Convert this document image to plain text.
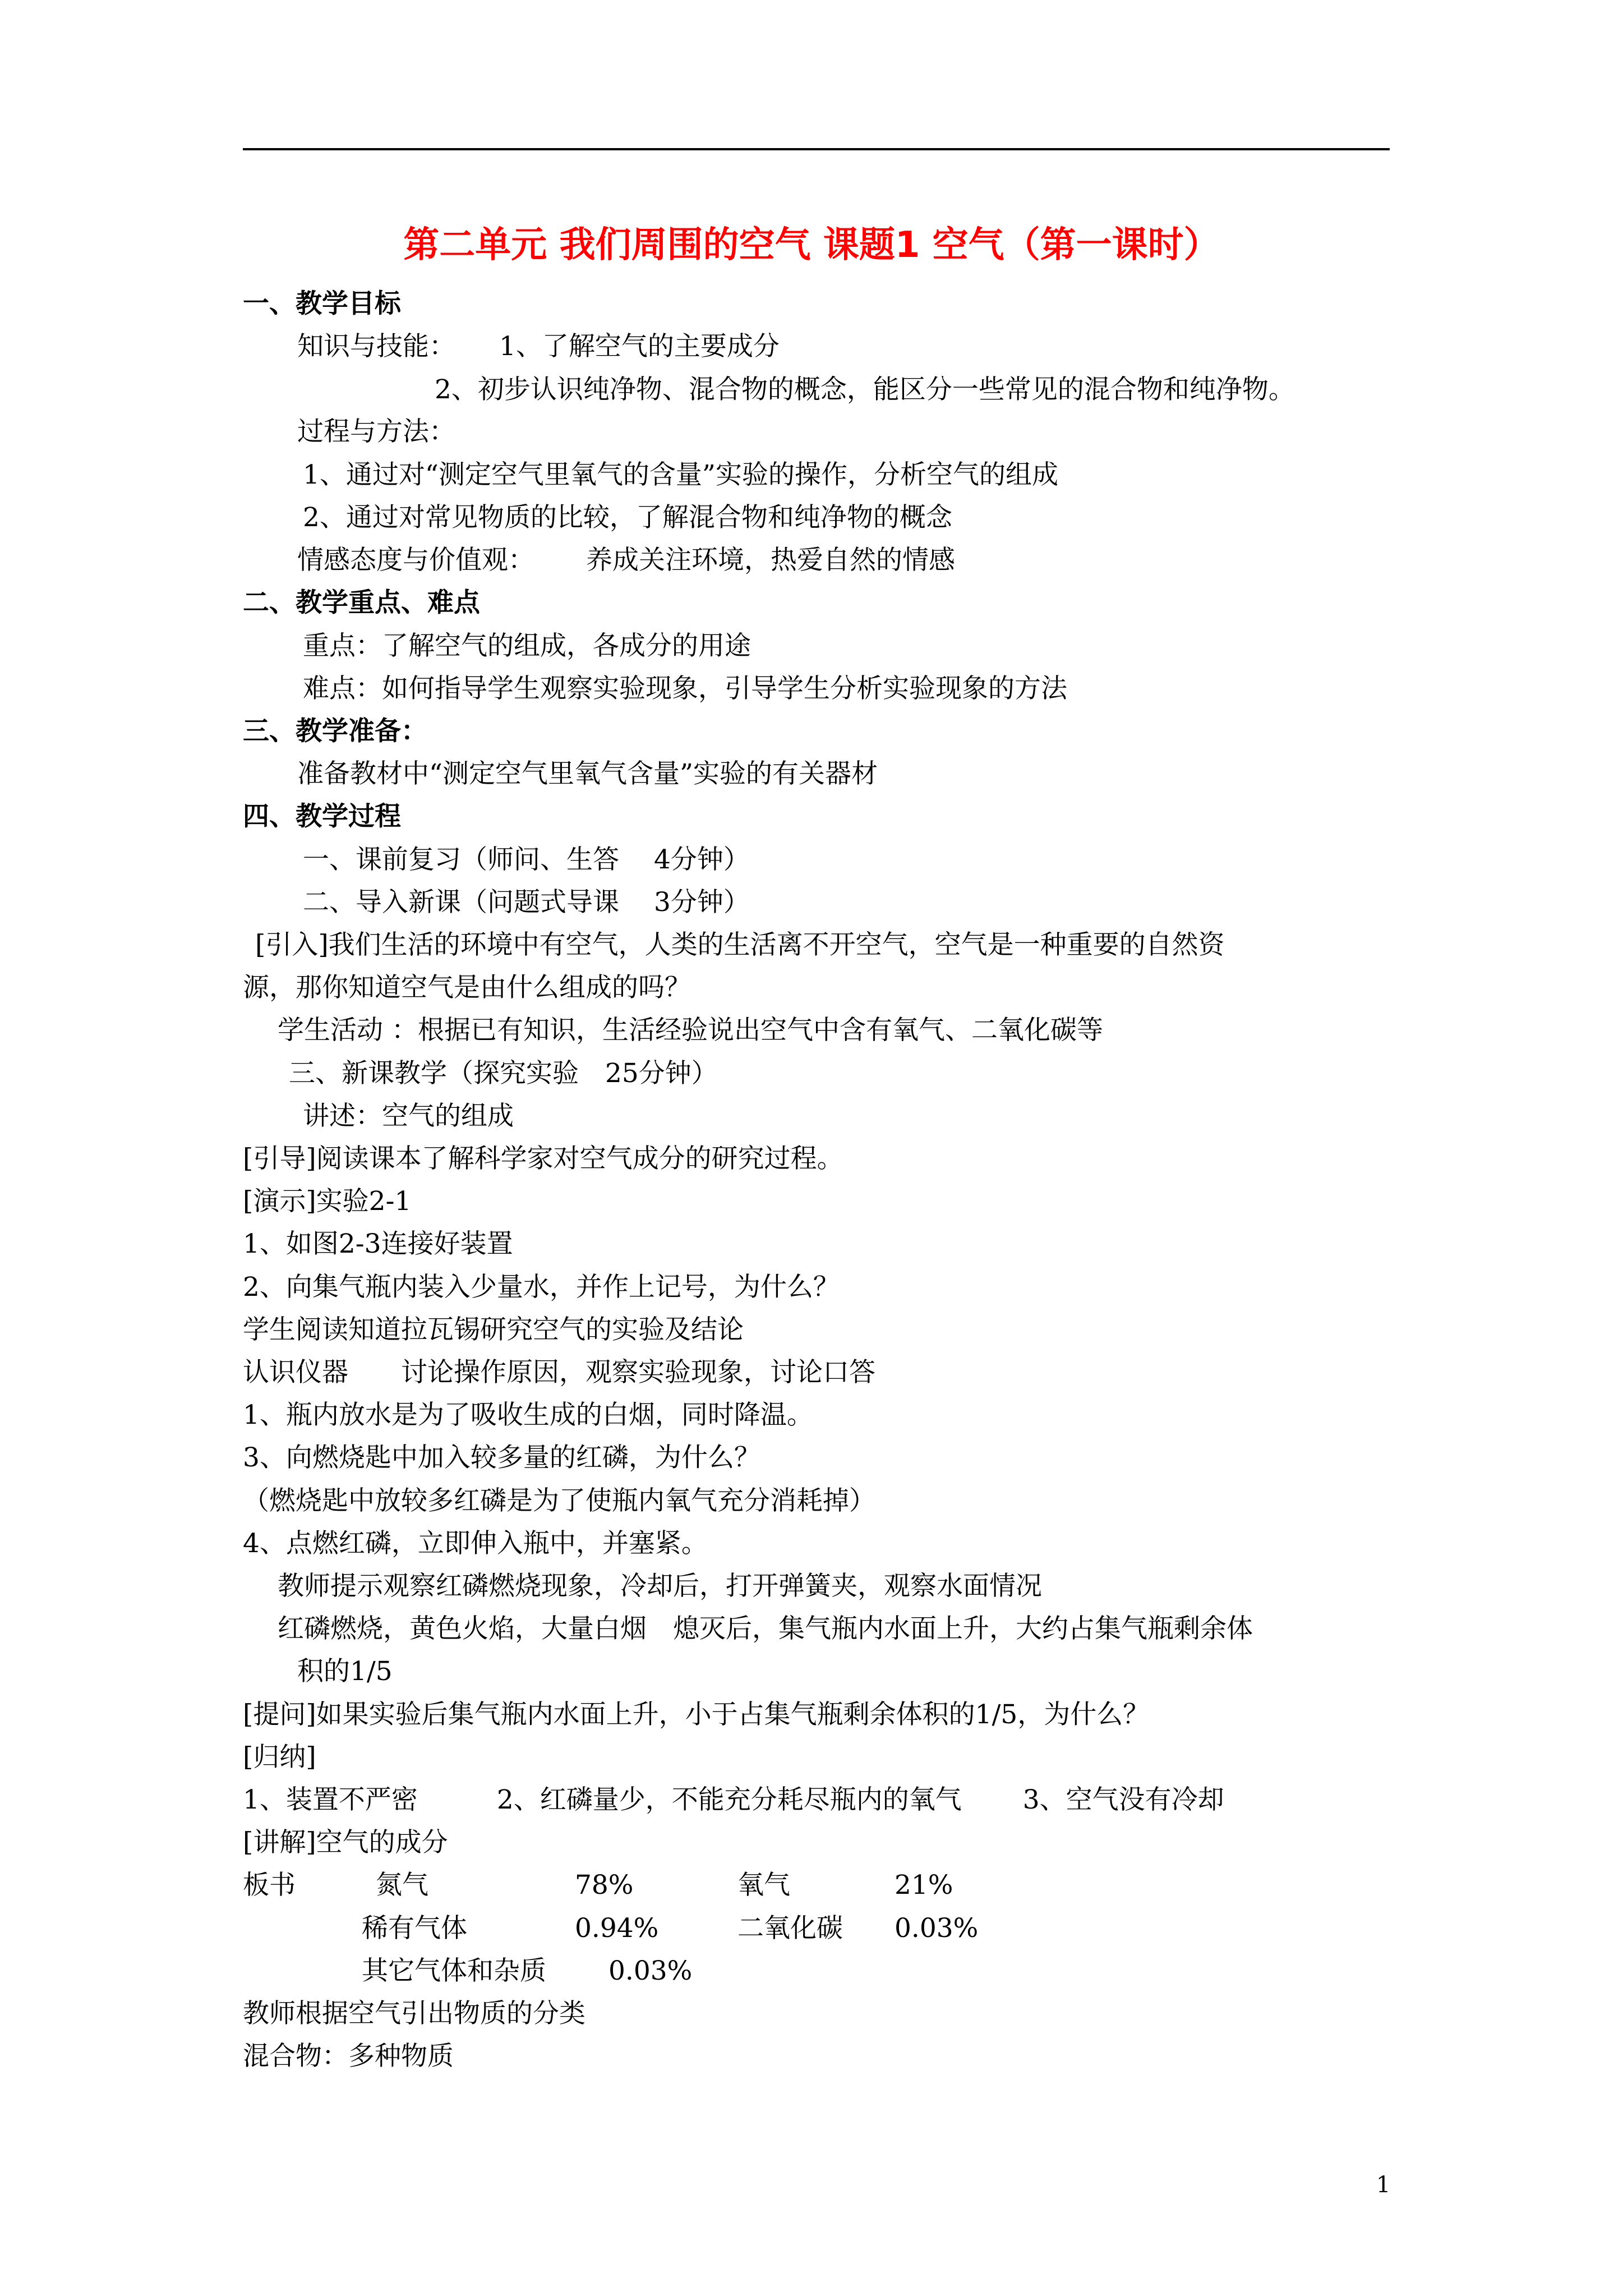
第二单元 我们周围的空气 课题1 空气（第一课时）
一、教学目标
知识与技能： 1、了解空气的主要成分
2、初步认识纯净物、混合物的概念，能区分一些常见的混合物和纯净物。
过程与方法：
1、通过对“测定空气里氧气的含量”实验的操作，分析空气的组成
2、通过对常见物质的比较，了解混合物和纯净物的概念
情感态度与价值观： 养成关注环境，热爱自然的情感
二、教学重点、难点
重点：了解空气的组成，各成分的用途
难点：如何指导学生观察实验现象，引导学生分析实验现象的方法
三、教学准备：
准备教材中“测定空气里氧气含量”实验的有关器材
四、教学过程
一、课前复习（师问、生答　 4分钟）
二、导入新课（问题式导课　 3分钟）
[引入]我们生活的环境中有空气，人类的生活离不开空气，空气是一种重要的自然资
源，那你知道空气是由什么组成的吗？
学生活动 ：根据已有知识，生活经验说出空气中含有氧气、二氧化碳等
三、新课教学（探究实验　25分钟）
讲述：空气的组成
[引导]阅读课本了解科学家对空气成分的研究过程。
[演示]实验2-1
1、如图2-3连接好装置
2、向集气瓶内装入少量水，并作上记号，为什么？
学生阅读知道拉瓦锡研究空气的实验及结论
认识仪器　　讨论操作原因，观察实验现象，讨论口答
1、瓶内放水是为了吸收生成的白烟，同时降温。
3、向燃烧匙中加入较多量的红磷，为什么？
（燃烧匙中放较多红磷是为了使瓶内氧气充分消耗掉）
4、点燃红磷，立即伸入瓶中，并塞紧。
教师提示观察红磷燃烧现象，冷却后，打开弹簧夹，观察水面情况
红磷燃烧，黄色火焰，大量白烟　熄灭后，集气瓶内水面上升，大约占集气瓶剩余体
积的1/5
[提问]如果实验后集气瓶内水面上升，小于占集气瓶剩余体积的1/5，为什么？
[归纳]
1、装置不严密　　　2、红磷量少，不能充分耗尽瓶内的氧气　　 3、空气没有冷却
[讲解]空气的成分
板书	氮气	78%	氧气	21%
稀有气体	0.94%	二氧化碳 0.03%
其它气体和杂质 0.03%
教师根据空气引出物质的分类
混合物：多种物质
1
